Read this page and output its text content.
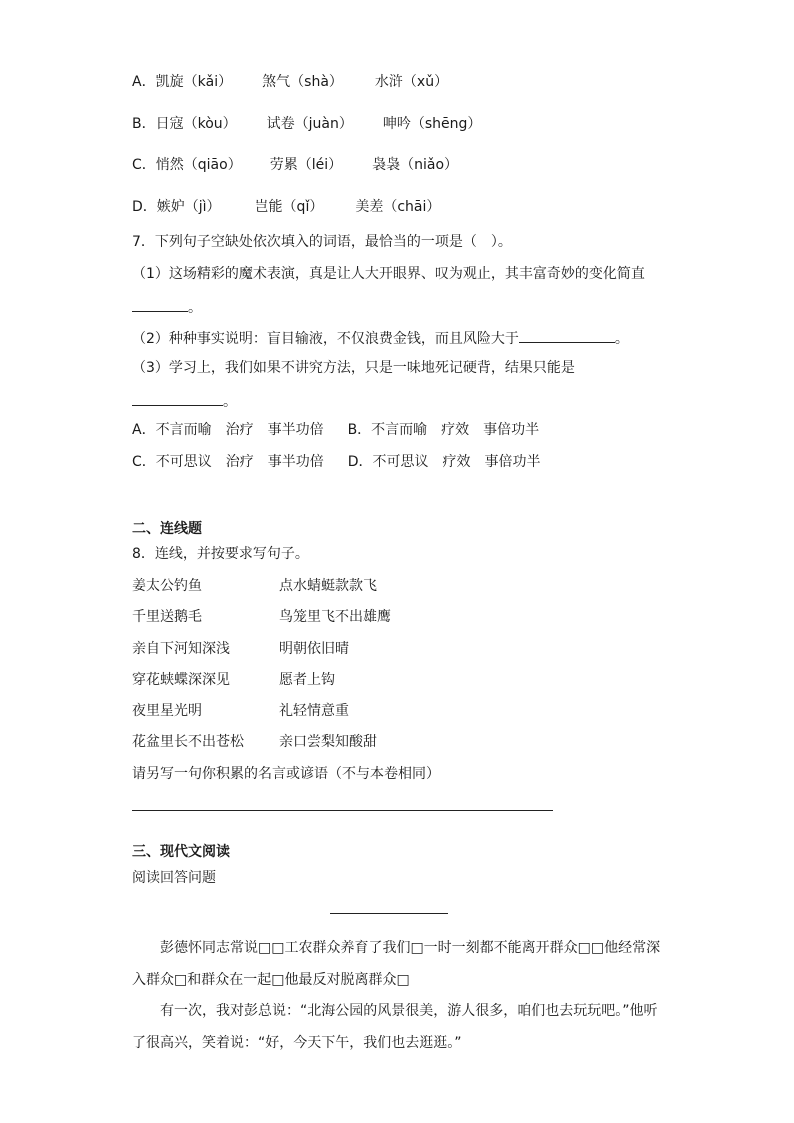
A．凯旋（kǎi） 煞气（shà） 水浒（xǔ）
B．日寇（kòu） 试卷（juàn） 呻吟（shēng）
C．悄然（qiāo） 劳累（léi） 袅袅（niǎo）
D．嫉妒（jì） 岂能（qǐ） 美差（chāi）
7．下列句子空缺处依次填入的词语，最恰当的一项是（　）。
（1）这场精彩的魔术表演，真是让人大开眼界、叹为观止，其丰富奇妙的变化简直
。
（2）种种事实说明：盲目输液，不仅浪费金钱，而且风险大于	。
（3）学习上，我们如果不讲究方法，只是一味地死记硬背，结果只能是
。
A．不言而喻　治疗　事半功倍 B．不言而喻　疗效　事倍功半
C．不可思议　治疗　事半功倍 D．不可思议　疗效　事倍功半
二、连线题
8．连线，并按要求写句子。
姜太公钓鱼	点水蜻蜓款款飞
千里送鹅毛	鸟笼里飞不出雄鹰
亲自下河知深浅	明朝依旧晴
穿花蛱蝶深深见	愿者上钩
夜里星光明	礼轻情意重
花盆里长不出苍松	亲口尝梨知酸甜
请另写一句你积累的名言或谚语（不与本卷相同）
三、现代文阅读
阅读回答问题
彭德怀同志常说□□工农群众养育了我们□一时一刻都不能离开群众□□他经常深入群众□和群众在一起□他最反对脱离群众□
有一次，我对彭总说：“北海公园的风景很美，游人很多，咱们也去玩玩吧。”他听了很高兴，笑着说：“好，今天下午，我们也去逛逛。”
